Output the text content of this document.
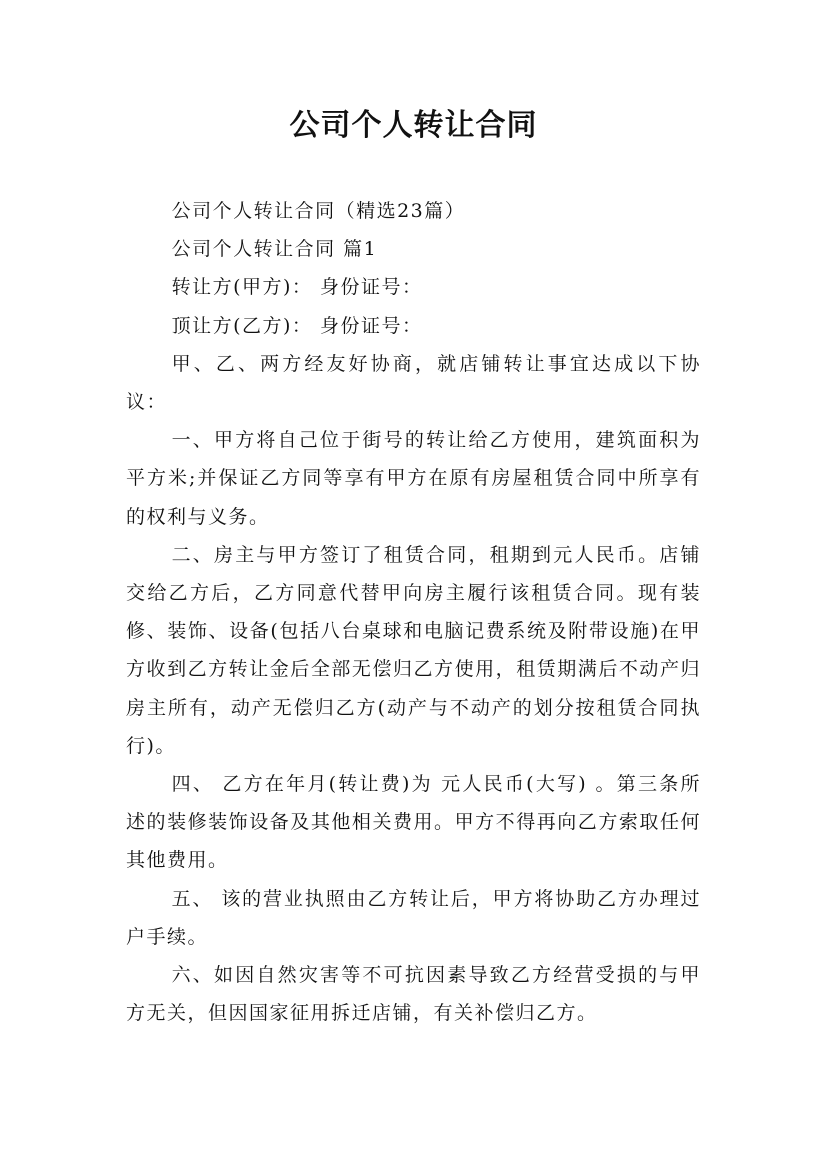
公司个人转让合同

公司个人转让合同（精选23篇）

公司个人转让合同 篇1

转让方(甲方)： 身份证号：

顶让方(乙方)： 身份证号：

甲、乙、两方经友好协商，就店铺转让事宜达成以下协议：

一、甲方将自己位于街号的转让给乙方使用，建筑面积为 平方米;并保证乙方同等享有甲方在原有房屋租赁合同中所享有的权利与义务。

二、房主与甲方签订了租赁合同，租期到元人民币。店铺交给乙方后，乙方同意代替甲向房主履行该租赁合同。现有装修、装饰、设备(包括八台桌球和电脑记费系统及附带设施)在甲方收到乙方转让金后全部无偿归乙方使用，租赁期满后不动产归房主所有，动产无偿归乙方(动产与不动产的划分按租赁合同执行)。

四、 乙方在年月(转让费)为 元人民币(大写) 。第三条所述的装修装饰设备及其他相关费用。甲方不得再向乙方索取任何其他费用。

五、 该的营业执照由乙方转让后，甲方将协助乙方办理过户手续。

六、如因自然灾害等不可抗因素导致乙方经营受损的与甲方无关，但因国家征用拆迁店铺，有关补偿归乙方。
